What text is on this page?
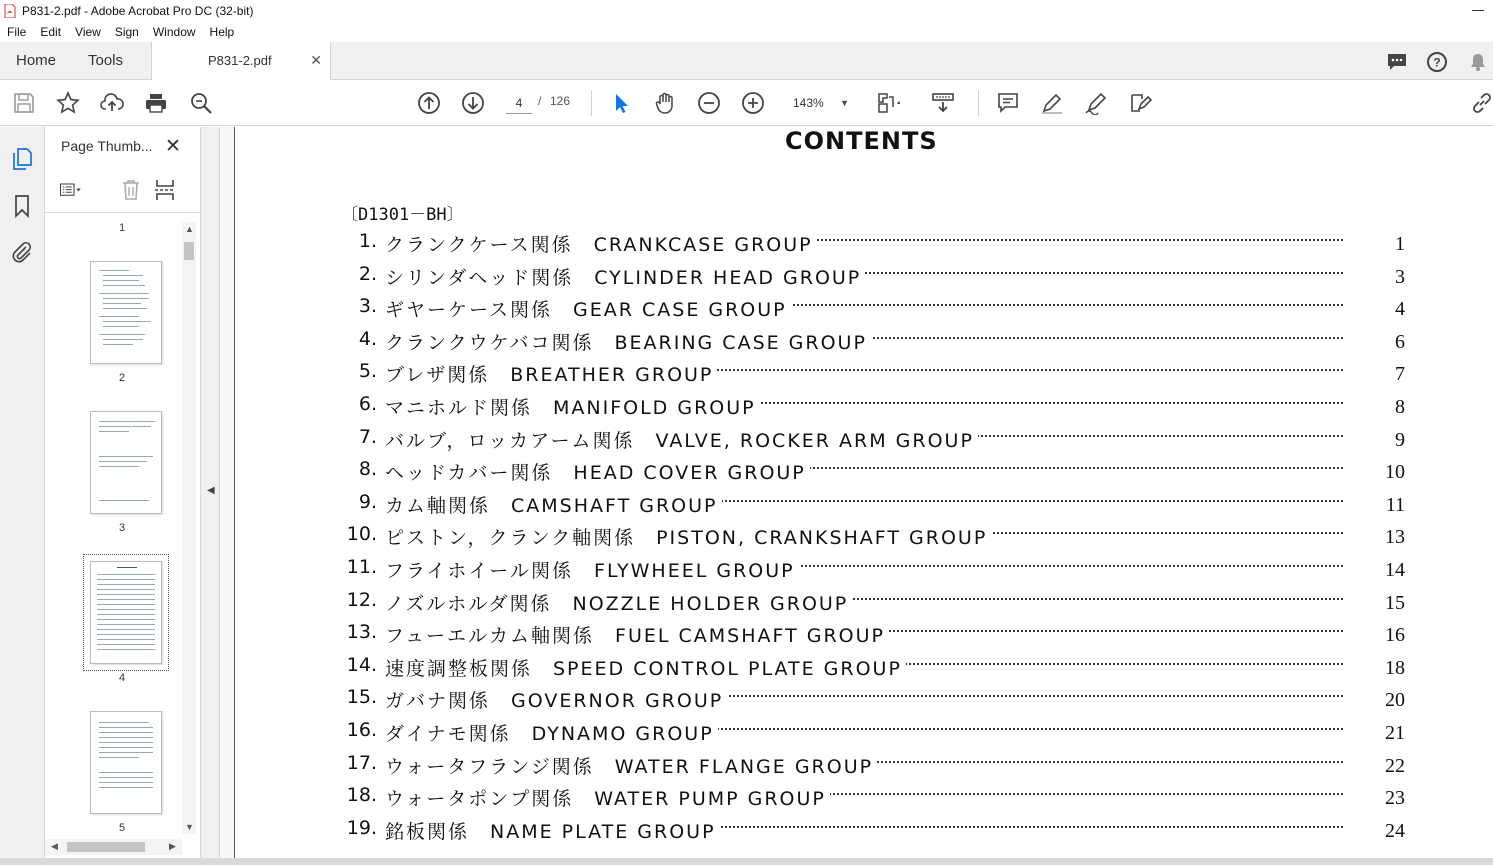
P831-2.pdf - Adobe Acrobat Pro DC (32-bit)
File	Edit	View	Sign	Window	Help
Home Tools	P831-2.pdf	✕	?
4	/ 126	143% ▼
Page Thumb... ✕
1
2
3
4
5
▲
▼
◀	▶
◀
CONTENTS
〔D1301－BH〕
1. クランクケース関係　CRANKCASE GROUP	1
2. シリンダヘッド関係　CYLINDER HEAD GROUP	3
3. ギヤーケース関係　GEAR CASE GROUP	4
4. クランクウケバコ関係　BEARING CASE GROUP	6
5. ブレザ関係　BREATHER GROUP	7
6. マニホルド関係　MANIFOLD GROUP	8
7. バルブ，ロッカアーム関係　VALVE, ROCKER ARM GROUP	9
8. ヘッドカバー関係　HEAD COVER GROUP	10
9. カム軸関係　CAMSHAFT GROUP	11
10. ピストン，クランク軸関係　PISTON, CRANKSHAFT GROUP	13
11. フライホイール関係　FLYWHEEL GROUP	14
12. ノズルホルダ関係　NOZZLE HOLDER GROUP	15
13. フューエルカム軸関係　FUEL CAMSHAFT GROUP	16
14. 速度調整板関係　SPEED CONTROL PLATE GROUP	18
15. ガバナ関係　GOVERNOR GROUP	20
16. ダイナモ関係　DYNAMO GROUP	21
17. ウォータフランジ関係　WATER FLANGE GROUP	22
18. ウォータポンプ関係　WATER PUMP GROUP	23
19. 銘板関係　NAME PLATE GROUP	24
